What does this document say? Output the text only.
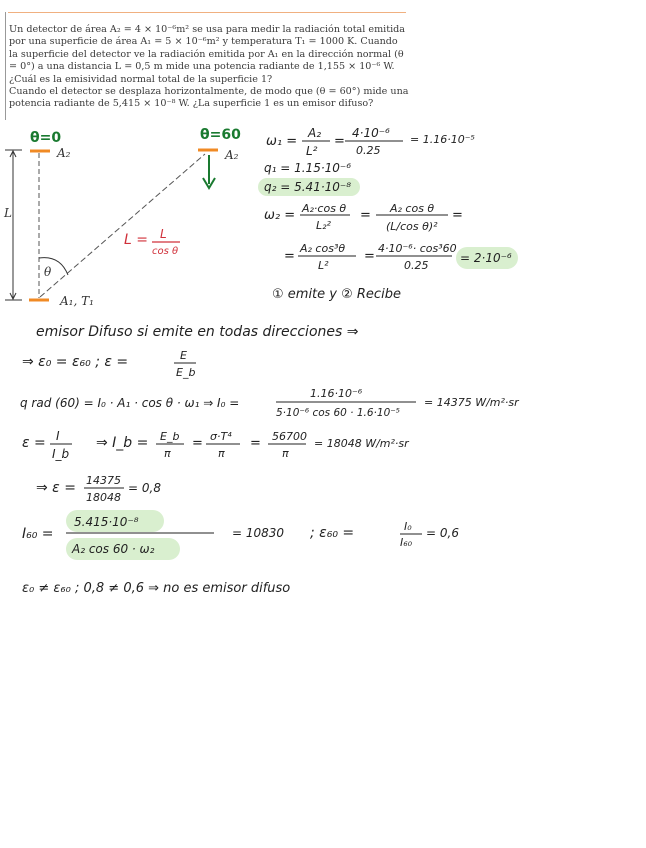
Un detector de área A₂ = 4 × 10⁻⁶m² se usa para medir la radiación total emitida por una superficie de área A₁ = 5 × 10⁻⁶m² y temperatura T₁ = 1000 K. Cuando la superficie del detector ve la radiación emitida por A₁ en la dirección normal (θ = 0°) a una distancia L = 0,5 m mide una potencia radiante de 1,155 × 10⁻⁶ W. ¿Cuál es la emisividad normal total de la superficie 1?

Cuando el detector se desplaza horizontalmente, de modo que (θ = 60°) mide una potencia radiante de 5,415 × 10⁻⁸ W. ¿La superficie 1 es un emisor difuso?

θ=0	θ=60
A₂	A₂
L
θ
A₁, T₁
L = L
cos θ
ω₁ =
A₂
L²
=
4·10⁻⁶
0.25
= 1.16·10⁻⁵
q₁ = 1.15·10⁻⁶
q₂ = 5.41·10⁻⁸
ω₂ = A₂·cos θ
L₂²
= A₂ cos θ
(L/cos θ)²
=
=
A₂ cos³θ
L²
=
4·10⁻⁶· cos³60
0.25
= 2·10⁻⁶
① emite y ② Recibe
emisor Difuso si emite en todas direcciones ⇒
⇒ ε₀ = ε₆₀ ; ε =	E
E_b
q rad (60) = I₀ · A₁ · cos θ · ω₁ ⇒ I₀ =
1.16·10⁻⁶
5·10⁻⁶ cos 60 · 1.6·10⁻⁵
= 14375 W/m²·sr
ε = I
I_b
⇒ I_b = E_b
π
= σ·T⁴
π
= 56700
π
= 18048 W/m²·sr
⇒ ε = 14375
18048
= 0,8
I₆₀ =
5.415·10⁻⁸
A₂ cos 60 · ω₂
= 10830 ; ε₆₀ =	I₀
I₆₀
= 0,6
ε₀ ≠ ε₆₀ ; 0,8 ≠ 0,6 ⇒ no es emisor difuso
